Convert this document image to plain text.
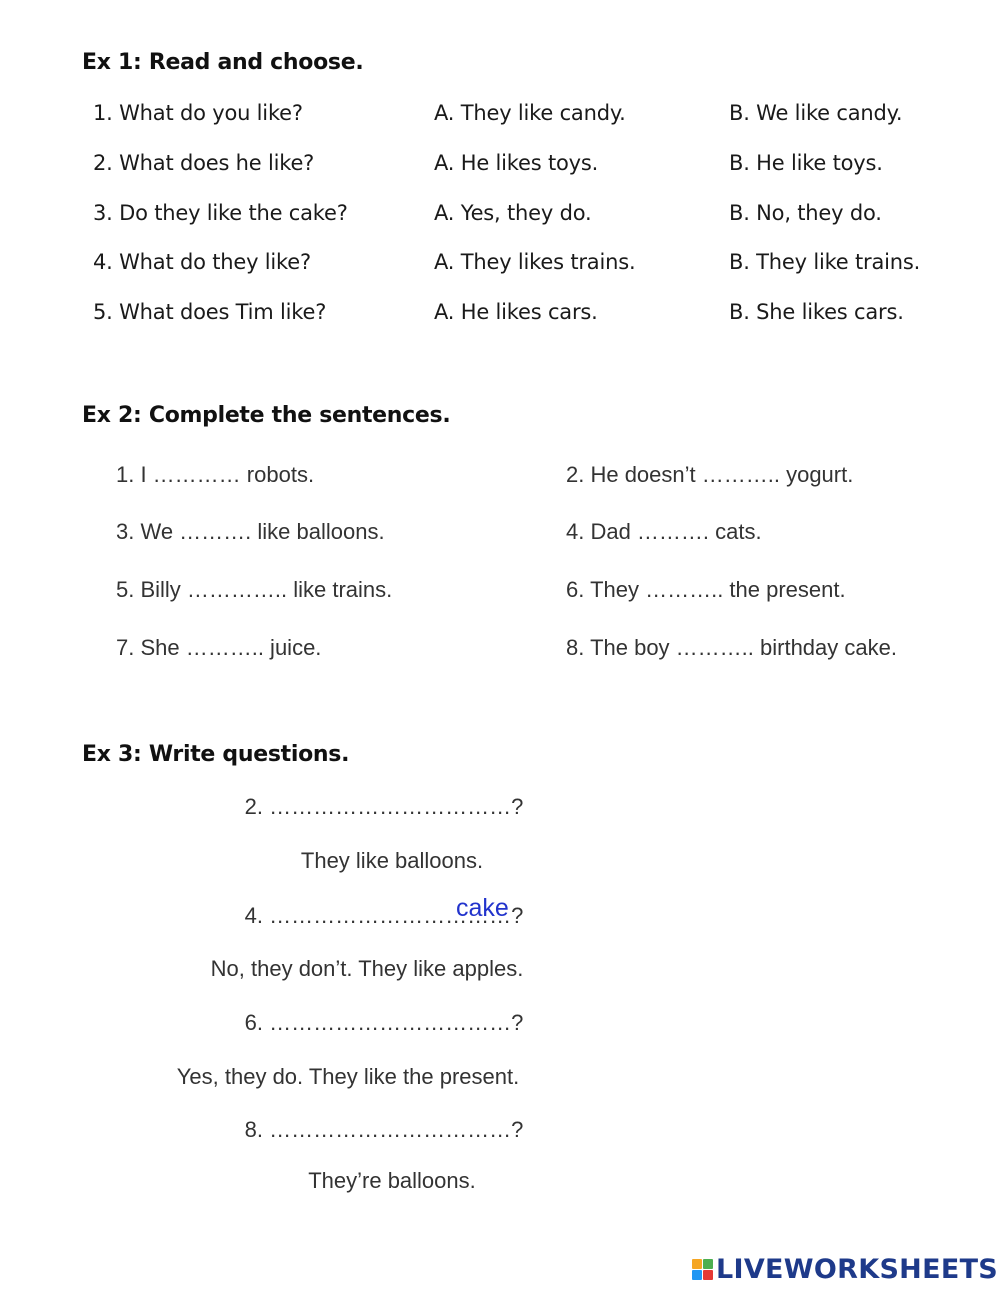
Ex 1: Read and choose.
1. What do you like?	A. They like candy.	B. We like candy.
2. What does he like?	A. He likes toys.	B. He like toys.
3. Do they like the cake?	A. Yes, they do.	B. No, they do.
4. What do they like?	A. They likes trains.	B. They like trains.
5. What does Tim like?	A. He likes cars.	B. She likes cars.
Ex 2: Complete the sentences.
1. I ………… robots.	2. He doesn’t ……….. yogurt.
3. We ………. like balloons.	4. Dad ………. cats.
5. Billy ………….. like trains.	6. They ……….. the present.
7. She ……….. juice.	8. The boy ……….. birthday cake.
Ex 3: Write questions.
2. ……………………………?
They like balloons.
4. ……………………………?
cake
No, they don’t. They like apples.
6. ……………………………?
Yes, they do. They like the present.
8. ……………………………?
They’re balloons.
LIVEWORKSHEETS
